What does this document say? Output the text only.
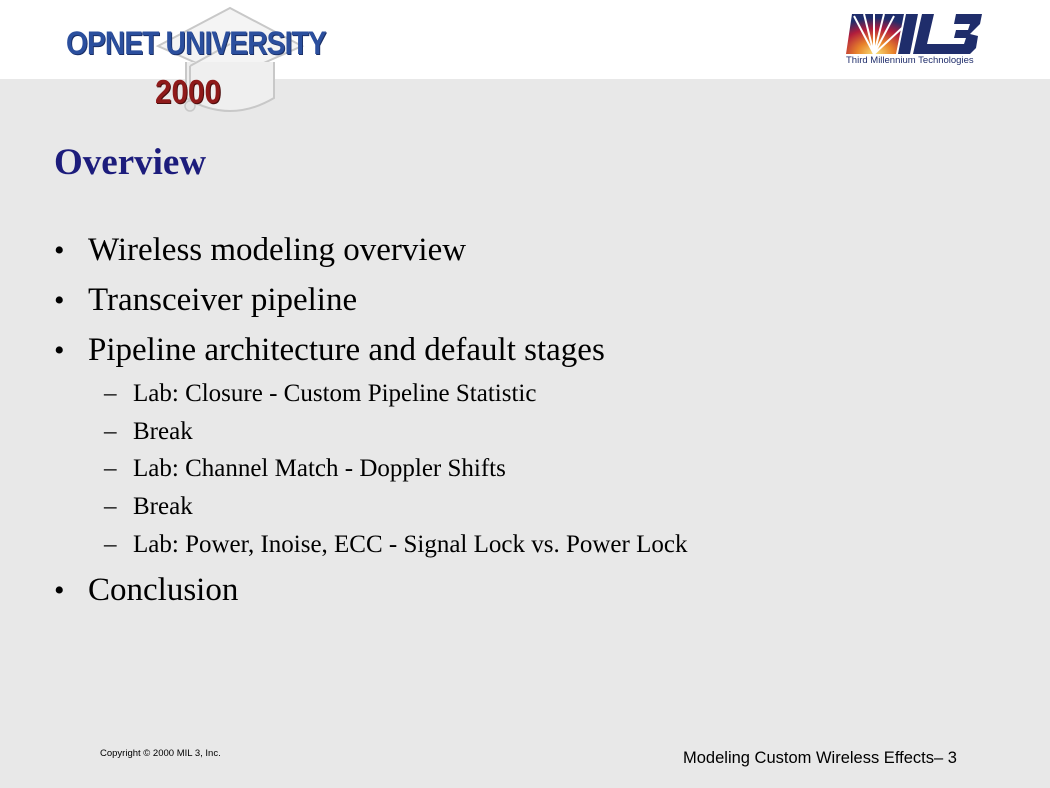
OPNET UNIVERSITY
2000
Third Millennium Technologies
Overview
• Wireless modeling overview
• Transceiver pipeline
• Pipeline architecture and default stages
– Lab: Closure - Custom Pipeline Statistic
– Break
– Lab: Channel Match - Doppler Shifts
– Break
– Lab: Power, Inoise, ECC - Signal Lock vs. Power Lock
• Conclusion
Copyright © 2000 MIL 3, Inc.	Modeling Custom Wireless Effects– 3
